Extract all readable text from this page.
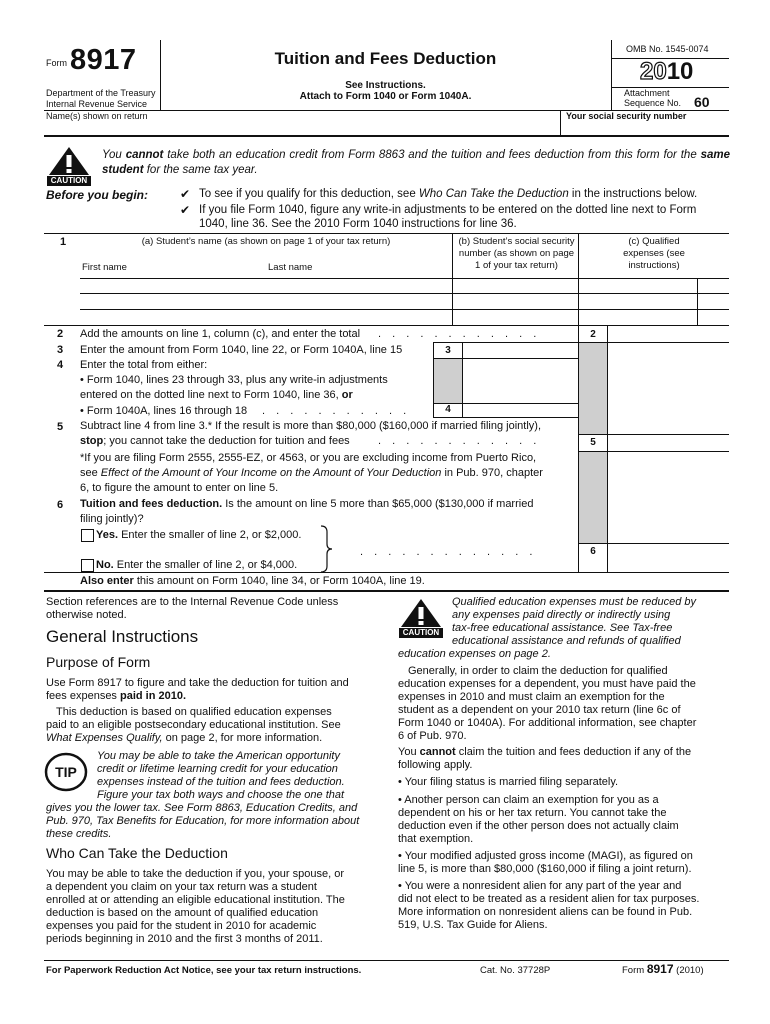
Form 8917
Department of the Treasury
Internal Revenue Service
Tuition and Fees Deduction
See Instructions.
Attach to Form 1040 or Form 1040A.
OMB No. 1545-0074
2010
Attachment
Sequence No. 60
Name(s) shown on return	Your social security number
CAUTION
You cannot take both an education credit from Form 8863 and the tuition and fees deduction from this form for the same student for the same tax year.
Before you begin:	✔ To see if you qualify for this deduction, see Who Can Take the Deduction in the instructions below.
✔ If you file Form 1040, figure any write-in adjustments to be entered on the dotted line next to Form
1040, line 36. See the 2010 Form 1040 instructions for line 36.
1	(a) Student’s name (as shown on page 1 of your tax return)
First name	Last name
(b) Student’s social security
number (as shown on page
1 of your tax return)
(c) Qualified
expenses (see
instructions)
2 Add the amounts on line 1, column (c), and enter the total . . . . . . . . . . . .	2
3 Enter the amount from Form 1040, line 22, or Form 1040A, line 15	3
4 Enter the total from either:
• Form 1040, lines 23 through 33, plus any write-in adjustments
entered on the dotted line next to Form 1040, line 36, or
• Form 1040A, lines 16 through 18 . . . . . . . . . . .	4
5 Subtract line 4 from line 3.* If the result is more than $80,000 ($160,000 if married filing jointly),
stop; you cannot take the deduction for tuition and fees	. . . . . . . . . . . .	5
*If you are filing Form 2555, 2555-EZ, or 4563, or you are excluding income from Puerto Rico,
see Effect of the Amount of Your Income on the Amount of Your Deduction in Pub. 970, chapter
6, to figure the amount to enter on line 5.
6 Tuition and fees deduction. Is the amount on line 5 more than $65,000 ($130,000 if married
filing jointly)?
Yes. Enter the smaller of line 2, or $2,000.
No. Enter the smaller of line 2, or $4,000.
. . . . . . . . . . . . .	6
Also enter this amount on Form 1040, line 34, or Form 1040A, line 19.

Section references are to the Internal Revenue Code unless

otherwise noted.

General Instructions
Purpose of Form

Use Form 8917 to figure and take the deduction for tuition and

fees expenses paid in 2010.

This deduction is based on qualified education expenses

paid to an eligible postsecondary educational institution. See

What Expenses Qualify, on page 2, for more information.

TIP

You may be able to take the American opportunity

credit or lifetime learning credit for your education

expenses instead of the tuition and fees deduction.

Figure your tax both ways and choose the one that

gives you the lower tax. See Form 8863, Education Credits, and

Pub. 970, Tax Benefits for Education, for more information about

these credits.

Who Can Take the Deduction

You may be able to take the deduction if you, your spouse, or

a dependent you claim on your tax return was a student

enrolled at or attending an eligible educational institution. The

deduction is based on the amount of qualified education

expenses you paid for the student in 2010 for academic

periods beginning in 2010 and the first 3 months of 2011.

CAUTION

Qualified education expenses must be reduced by

any expenses paid directly or indirectly using

tax-free educational assistance. See Tax-free

educational assistance and refunds of qualified

education expenses on page 2.

Generally, in order to claim the deduction for qualified

education expenses for a dependent, you must have paid the

expenses in 2010 and must claim an exemption for the

student as a dependent on your 2010 tax return (line 6c of

Form 1040 or 1040A). For additional information, see chapter

6 of Pub. 970.

You cannot claim the tuition and fees deduction if any of the

following apply.

• Your filing status is married filing separately.

• Another person can claim an exemption for you as a

dependent on his or her tax return. You cannot take the

deduction even if the other person does not actually claim

that exemption.

• Your modified adjusted gross income (MAGI), as figured on

line 5, is more than $80,000 ($160,000 if filing a joint return).

• You were a nonresident alien for any part of the year and

did not elect to be treated as a resident alien for tax purposes.

More information on nonresident aliens can be found in Pub.

519, U.S. Tax Guide for Aliens.

For Paperwork Reduction Act Notice, see your tax return instructions.	Cat. No. 37728P	Form 8917 (2010)
